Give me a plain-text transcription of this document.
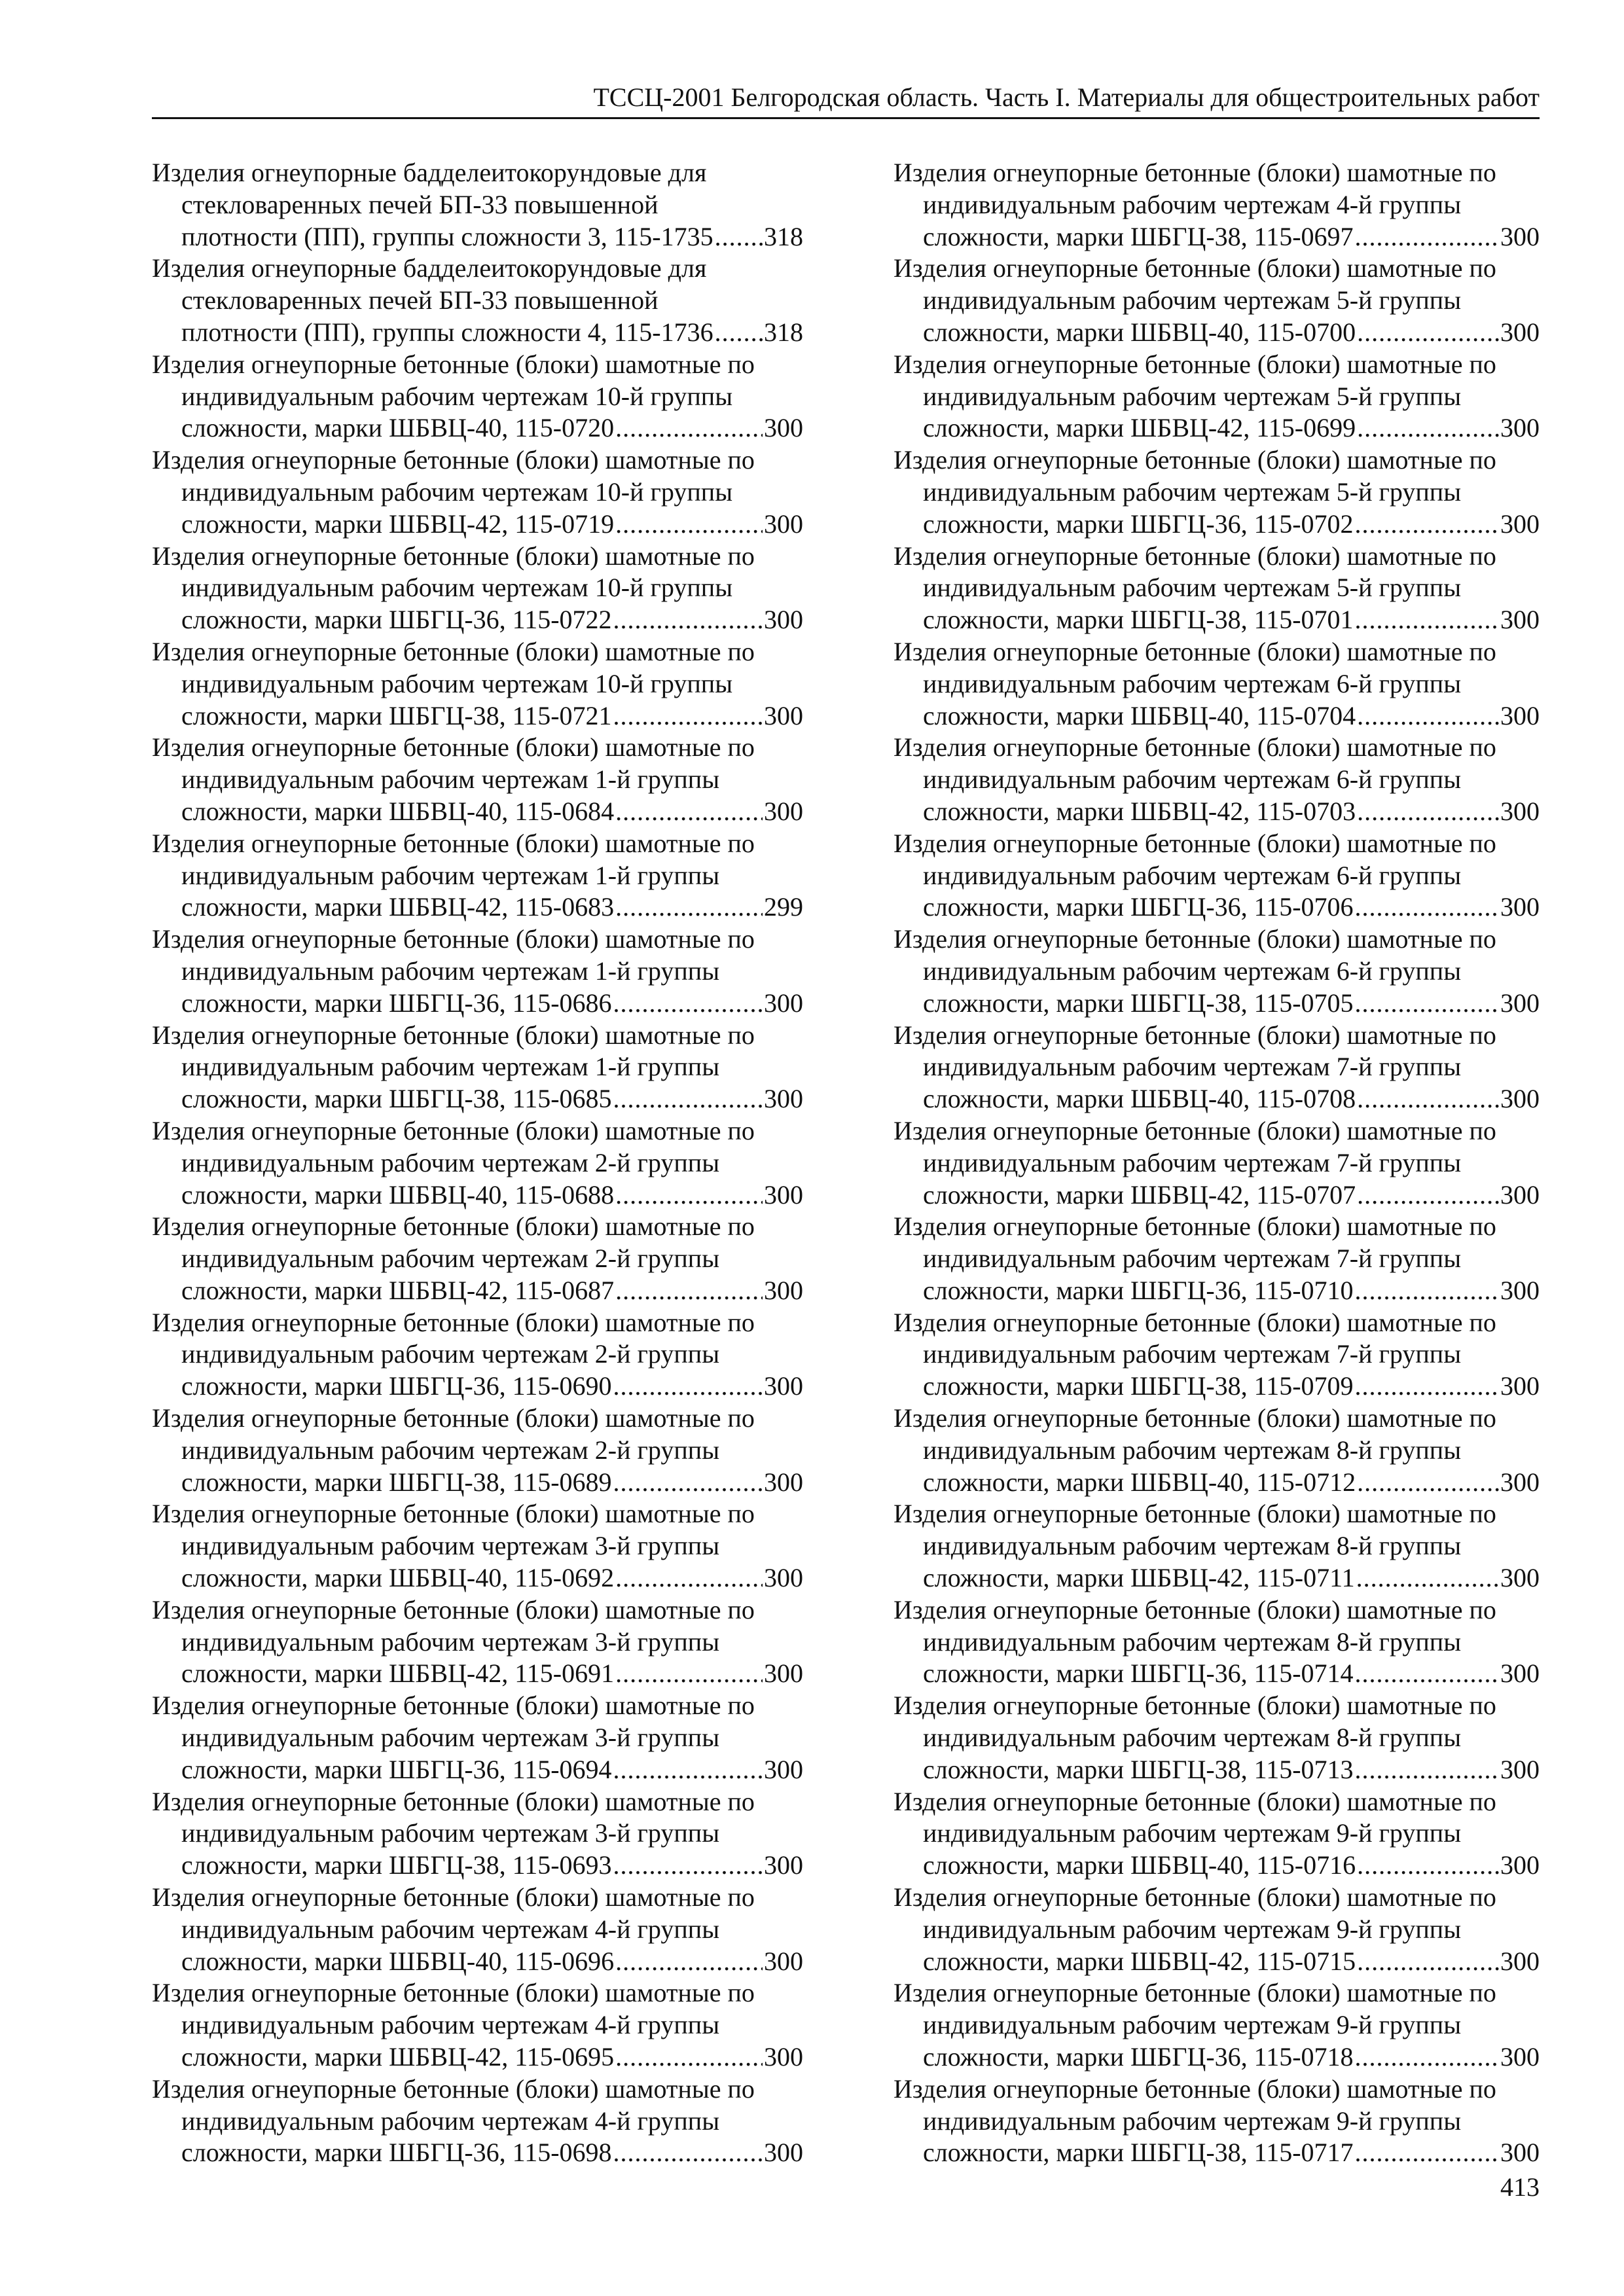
ТССЦ-2001 Белгородская область. Часть I. Материалы для общестроительных работ
Изделия огнеупорные бадделеитокорундовые для
стекловаренных печей БП-33 повышенной
плотности (ПП), группы сложности 3, 115-1735 ..... 318
Изделия огнеупорные бадделеитокорундовые для
стекловаренных печей БП-33 повышенной
плотности (ПП), группы сложности 4, 115-1736 ..... 318
Изделия огнеупорные бетонные (блоки) шамотные по
индивидуальным рабочим чертежам 10-й группы
сложности, марки ШБВЦ-40, 115-0720 .....	300
Изделия огнеупорные бетонные (блоки) шамотные по
индивидуальным рабочим чертежам 10-й группы
сложности, марки ШБВЦ-42, 115-0719 .....	300
Изделия огнеупорные бетонные (блоки) шамотные по
индивидуальным рабочим чертежам 10-й группы
сложности, марки ШБГЦ-36, 115-0722 .....	300
Изделия огнеупорные бетонные (блоки) шамотные по
индивидуальным рабочим чертежам 10-й группы
сложности, марки ШБГЦ-38, 115-0721 .....	300
Изделия огнеупорные бетонные (блоки) шамотные по
индивидуальным рабочим чертежам 1-й группы
сложности, марки ШБВЦ-40, 115-0684 .....	300
Изделия огнеупорные бетонные (блоки) шамотные по
индивидуальным рабочим чертежам 1-й группы
сложности, марки ШБВЦ-42, 115-0683 .....	299
Изделия огнеупорные бетонные (блоки) шамотные по
индивидуальным рабочим чертежам 1-й группы
сложности, марки ШБГЦ-36, 115-0686 .....	300
Изделия огнеупорные бетонные (блоки) шамотные по
индивидуальным рабочим чертежам 1-й группы
сложности, марки ШБГЦ-38, 115-0685 .....	300
Изделия огнеупорные бетонные (блоки) шамотные по
индивидуальным рабочим чертежам 2-й группы
сложности, марки ШБВЦ-40, 115-0688 .....	300
Изделия огнеупорные бетонные (блоки) шамотные по
индивидуальным рабочим чертежам 2-й группы
сложности, марки ШБВЦ-42, 115-0687 .....	300
Изделия огнеупорные бетонные (блоки) шамотные по
индивидуальным рабочим чертежам 2-й группы
сложности, марки ШБГЦ-36, 115-0690 .....	300
Изделия огнеупорные бетонные (блоки) шамотные по
индивидуальным рабочим чертежам 2-й группы
сложности, марки ШБГЦ-38, 115-0689 .....	300
Изделия огнеупорные бетонные (блоки) шамотные по
индивидуальным рабочим чертежам 3-й группы
сложности, марки ШБВЦ-40, 115-0692 .....	300
Изделия огнеупорные бетонные (блоки) шамотные по
индивидуальным рабочим чертежам 3-й группы
сложности, марки ШБВЦ-42, 115-0691 .....	300
Изделия огнеупорные бетонные (блоки) шамотные по
индивидуальным рабочим чертежам 3-й группы
сложности, марки ШБГЦ-36, 115-0694 .....	300
Изделия огнеупорные бетонные (блоки) шамотные по
индивидуальным рабочим чертежам 3-й группы
сложности, марки ШБГЦ-38, 115-0693 .....	300
Изделия огнеупорные бетонные (блоки) шамотные по
индивидуальным рабочим чертежам 4-й группы
сложности, марки ШБВЦ-40, 115-0696 .....	300
Изделия огнеупорные бетонные (блоки) шамотные по
индивидуальным рабочим чертежам 4-й группы
сложности, марки ШБВЦ-42, 115-0695 .....	300
Изделия огнеупорные бетонные (блоки) шамотные по
индивидуальным рабочим чертежам 4-й группы
сложности, марки ШБГЦ-36, 115-0698 .....	300
Изделия огнеупорные бетонные (блоки) шамотные по
индивидуальным рабочим чертежам 4-й группы
сложности, марки ШБГЦ-38, 115-0697 .....	300
Изделия огнеупорные бетонные (блоки) шамотные по
индивидуальным рабочим чертежам 5-й группы
сложности, марки ШБВЦ-40, 115-0700 .....	300
Изделия огнеупорные бетонные (блоки) шамотные по
индивидуальным рабочим чертежам 5-й группы
сложности, марки ШБВЦ-42, 115-0699 .....	300
Изделия огнеупорные бетонные (блоки) шамотные по
индивидуальным рабочим чертежам 5-й группы
сложности, марки ШБГЦ-36, 115-0702 .....	300
Изделия огнеупорные бетонные (блоки) шамотные по
индивидуальным рабочим чертежам 5-й группы
сложности, марки ШБГЦ-38, 115-0701 .....	300
Изделия огнеупорные бетонные (блоки) шамотные по
индивидуальным рабочим чертежам 6-й группы
сложности, марки ШБВЦ-40, 115-0704 .....	300
Изделия огнеупорные бетонные (блоки) шамотные по
индивидуальным рабочим чертежам 6-й группы
сложности, марки ШБВЦ-42, 115-0703 .....	300
Изделия огнеупорные бетонные (блоки) шамотные по
индивидуальным рабочим чертежам 6-й группы
сложности, марки ШБГЦ-36, 115-0706 .....	300
Изделия огнеупорные бетонные (блоки) шамотные по
индивидуальным рабочим чертежам 6-й группы
сложности, марки ШБГЦ-38, 115-0705 .....	300
Изделия огнеупорные бетонные (блоки) шамотные по
индивидуальным рабочим чертежам 7-й группы
сложности, марки ШБВЦ-40, 115-0708 .....	300
Изделия огнеупорные бетонные (блоки) шамотные по
индивидуальным рабочим чертежам 7-й группы
сложности, марки ШБВЦ-42, 115-0707 .....	300
Изделия огнеупорные бетонные (блоки) шамотные по
индивидуальным рабочим чертежам 7-й группы
сложности, марки ШБГЦ-36, 115-0710 .....	300
Изделия огнеупорные бетонные (блоки) шамотные по
индивидуальным рабочим чертежам 7-й группы
сложности, марки ШБГЦ-38, 115-0709 .....	300
Изделия огнеупорные бетонные (блоки) шамотные по
индивидуальным рабочим чертежам 8-й группы
сложности, марки ШБВЦ-40, 115-0712 .....	300
Изделия огнеупорные бетонные (блоки) шамотные по
индивидуальным рабочим чертежам 8-й группы
сложности, марки ШБВЦ-42, 115-0711 .....	300
Изделия огнеупорные бетонные (блоки) шамотные по
индивидуальным рабочим чертежам 8-й группы
сложности, марки ШБГЦ-36, 115-0714 .....	300
Изделия огнеупорные бетонные (блоки) шамотные по
индивидуальным рабочим чертежам 8-й группы
сложности, марки ШБГЦ-38, 115-0713 .....	300
Изделия огнеупорные бетонные (блоки) шамотные по
индивидуальным рабочим чертежам 9-й группы
сложности, марки ШБВЦ-40, 115-0716 .....	300
Изделия огнеупорные бетонные (блоки) шамотные по
индивидуальным рабочим чертежам 9-й группы
сложности, марки ШБВЦ-42, 115-0715 .....	300
Изделия огнеупорные бетонные (блоки) шамотные по
индивидуальным рабочим чертежам 9-й группы
сложности, марки ШБГЦ-36, 115-0718 .....	300
Изделия огнеупорные бетонные (блоки) шамотные по
индивидуальным рабочим чертежам 9-й группы
сложности, марки ШБГЦ-38, 115-0717 .....	300
413
